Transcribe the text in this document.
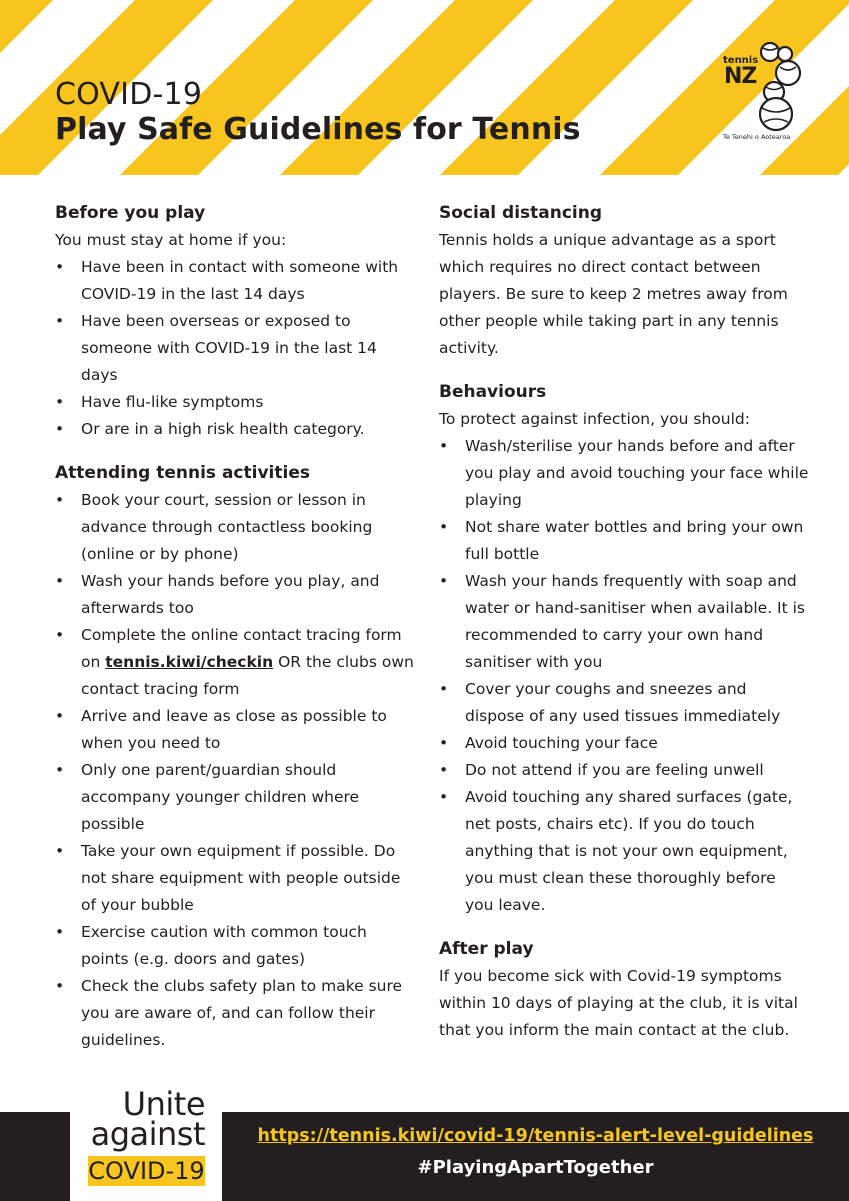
COVID-19
Play Safe Guidelines for Tennis
tennis
NZ
Te Tenehi o Aotearoa
Before you play

You must stay at home if you:

• Have been in contact with someone with COVID-19 in the last 14 days
• Have been overseas or exposed to someone with COVID-19 in the last 14 days
• Have flu-like symptoms
• Or are in a high risk health category.
Attending tennis activities
• Book your court, session or lesson in advance through contactless booking (online or by phone)
• Wash your hands before you play, and afterwards too
• Complete the online contact tracing form on tennis.kiwi/checkin OR the clubs own contact tracing form
• Arrive and leave as close as possible to when you need to
• Only one parent/guardian should accompany younger children where possible
• Take your own equipment if possible. Do not share equipment with people outside of your bubble
• Exercise caution with common touch points (e.g. doors and gates)
• Check the clubs safety plan to make sure you are aware of, and can follow their guidelines.
Social distancing

Tennis holds a unique advantage as a sport which requires no direct contact between players. Be sure to keep 2 metres away from other people while taking part in any tennis activity.

Behaviours

To protect against infection, you should:

• Wash/sterilise your hands before and after you play and avoid touching your face while playing
• Not share water bottles and bring your own full bottle
• Wash your hands frequently with soap and water or hand-sanitiser when available. It is recommended to carry your own hand sanitiser with you
• Cover your coughs and sneezes and dispose of any used tissues immediately
• Avoid touching your face
• Do not attend if you are feeling unwell
• Avoid touching any shared surfaces (gate, net posts, chairs etc). If you do touch anything that is not your own equipment, you must clean these thoroughly before you leave.
After play

If you become sick with Covid-19 symptoms within 10 days of playing at the club, it is vital that you inform the main contact at the club.

Unite
against
COVID-19
https://tennis.kiwi/covid-19/tennis-alert-level-guidelines
#PlayingApartTogether
